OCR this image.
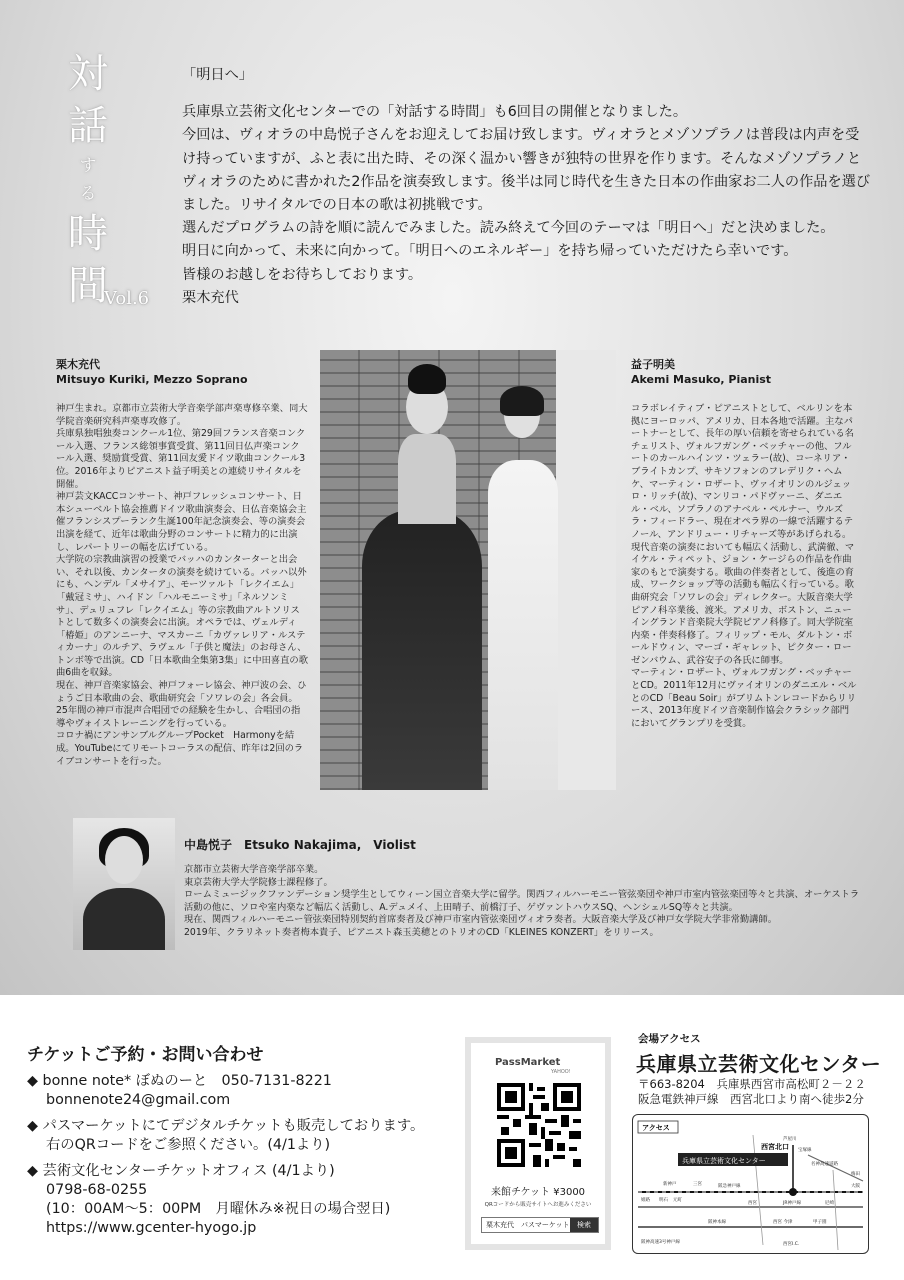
対
話
す
る
時
間
Vol.6

「明日へ」

兵庫県立芸術文化センターでの「対話する時間」も6回目の開催となりました。

今回は、ヴィオラの中島悦子さんをお迎えしてお届け致します。ヴィオラとメゾソプラノは普段は内声を受け持っていますが、ふと表に出た時、その深く温かい響きが独特の世界を作ります。そんなメゾソプラノとヴィオラのために書かれた2作品を演奏致します。後半は同じ時代を生きた日本の作曲家お二人の作品を選びました。リサイタルでの日本の歌は初挑戦です。

選んだプログラムの詩を順に読んでみました。読み終えて今回のテーマは「明日へ」だと決めました。

明日に向かって、未来に向かって。「明日へのエネルギー」を持ち帰っていただけたら幸いです。

皆様のお越しをお待ちしております。

栗木充代

栗木充代
Mitsuyo Kuriki, Mezzo Soprano

神戸生まれ。京都市立芸術大学音楽学部声楽専修卒業、同大学院音楽研究科声楽専攻修了。

兵庫県独唱独奏コンクール1位、第29回フランス音楽コンクール入選、フランス総領事賞受賞、第11回日仏声楽コンクール入選、奨励賞受賞、第11回友愛ドイツ歌曲コンクール3位。2016年よりピアニスト益子明美との連続リサイタルを開催。

神戸芸文KACCコンサート、神戸フレッシュコンサート、日本シューベルト協会推薦ドイツ歌曲演奏会、日仏音楽協会主催フランシスプーランク生誕100年記念演奏会、等の演奏会出演を経て、近年は歌曲分野のコンサートに精力的に出演し、レパートリーの幅を広げている。

大学院の宗教曲演習の授業でバッハのカンターターと出会い、それ以後、カンタータの演奏を続けている。バッハ以外にも、ヘンデル「メサイア」、モーツァルト「レクイエム」「戴冠ミサ」、ハイドン「ハルモニーミサ」「ネルソンミサ」、デュリュフレ「レクイエム」等の宗教曲アルトソリストとして数多くの演奏会に出演。オペラでは、ヴェルディ「椿姫」のアンニーナ、マスカーニ「カヴァレリア・ルスティカーナ」のルチア、ラヴェル「子供と魔法」のお母さん、トンボ等で出演。CD「日本歌曲全集第3集」に中田喜直の歌曲6曲を収録。

現在、神戸音楽家協会、神戸フォーレ協会、神戸波の会、ひょうご日本歌曲の会、歌曲研究会「ソワレの会」各会員。25年間の神戸市混声合唱団での経験を生かし、合唱団の指導やヴォイストレーニングを行っている。

コロナ禍にアンサンブルグループPocket　Harmonyを結成。YouTubeにてリモートコーラスの配信、昨年は2回のライブコンサートを行った。

益子明美
Akemi Masuko, Pianist

コラボレイティブ・ピアニストとして、ベルリンを本拠にヨーロッパ、アメリカ、日本各地で活躍。主なパートナーとして、長年の厚い信頼を寄せられている名チェリスト、ヴォルフガング・ベッチャーの他、フルートのカールハインツ・ツェラー(故)、コーネリア・ブライトカンプ、サキソフォンのフレデリク・ヘムケ、マーティン・ロザート、ヴァイオリンのルジェッロ・リッチ(故)、マンリコ・パドヴァーニ、ダニエル・ベル、ソプラノのアナベル・ペルナー、ウルズラ・フィードラー、現在オペラ界の一線で活躍するテノール、アンドリュー・リチャーズ等があげられる。現代音楽の演奏においても幅広く活動し、武満徹、マイケル・ティペット、ジョン・ケージらの作品を作曲家のもとで演奏する。歌曲の伴奏者として、後進の育成、ワークショップ等の活動も幅広く行っている。歌曲研究会「ソワレの会」ディレクター。大阪音楽大学ピアノ科卒業後、渡米。アメリカ、ボストン、ニューイングランド音楽院大学院ピアノ科修了。同大学院室内楽・伴奏科修了。フィリップ・モル、ダルトン・ボールドウィン、マーゴ・ギャレット、ピクター・ローゼンバウム、武谷安子の各氏に師事。

マーティン・ロザート、ヴォルフガング・ベッチャーとCD。2011年12月にヴァイオリンのダニエル・ベルとのCD「Beau Soir」がブリムトンレコードからリリース、2013年度ドイツ音楽制作協会クラシック部門においてグランプリを受賞。

中島悦子　Etsuko Nakajima,　Violist

京都市立芸術大学音楽学部卒業。

東京芸術大学大学院修士課程修了。

ロームミュージックファンデーション奨学生としてウィーン国立音楽大学に留学。関西フィルハーモニー管弦楽団や神戸市室内管弦楽団等々と共演、オーケストラ活動の他に、ソロや室内楽など幅広く活動し、A.デュメイ、上田晴子、前橋汀子、ゲヴァントハウスSQ、ヘンシェルSQ等々と共演。

現在、関西フィルハーモニー管弦楽団特別契約首席奏者及び神戸市室内管弦楽団ヴィオラ奏者。大阪音楽大学及び神戸女学院大学非常勤講師。

2019年、クラリネット奏者梅本貴子、ピアニスト森玉美穂とのトリオのCD「KLEINES KONZERT」をリリース。

チケットご予約・お問い合わせ
◆ bonne note* ぼぬのーと　050-7131-8221
bonnenote24@gmail.com
◆ パスマーケットにてデジタルチケットも販売しております。
右のQRコードをご参照ください。(4/1より)
◆ 芸術文化センターチケットオフィス (4/1より)
0798-68-0255
(10：00AM～5：00PM　月曜休み※祝日の場合翌日)
https://www.gcenter-hyogo.jp
PassMarket
YAHOO!
来館チケット ¥3000
QRコードから販売サイトへお進みください
栗木充代　パスマーケット	検索
会場アクセス
兵庫県立芸術文化センター
〒663-8204　兵庫県西宮市高松町２－２２
阪急電鉄神戸線　西宮北口より南へ徒歩2分
アクセス
兵庫県立芸術文化センター
西宮北口
芦屋川
宝塚線
阪急神戸線	大阪
梅田
名神高速道路
三宮
新神戸
元町
明石
姫路
西宮	JR神戸線	尼崎
阪神本線	西宮 今津	甲子園
阪神高速3号神戸線	西宮I.C.
